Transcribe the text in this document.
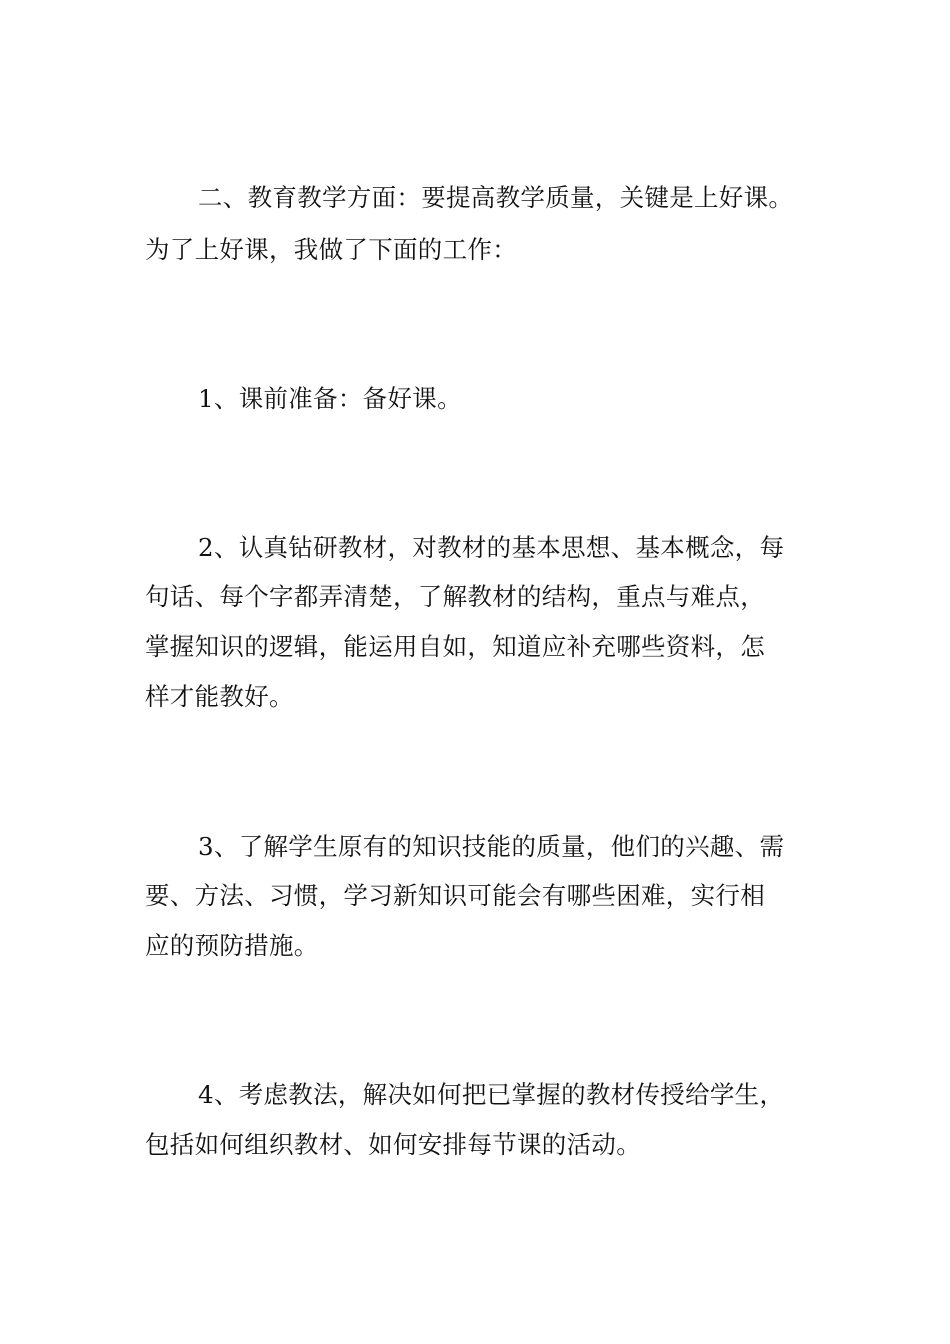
二、教育教学方面：要提高教学质量，关键是上好课。
为了上好课，我做了下面的工作：
1、课前准备：备好课。
2、认真钻研教材，对教材的基本思想、基本概念，每
句话、每个字都弄清楚，了解教材的结构，重点与难点，
掌握知识的逻辑，能运用自如，知道应补充哪些资料，怎
样才能教好。
3、了解学生原有的知识技能的质量，他们的兴趣、需
要、方法、习惯，学习新知识可能会有哪些困难，实行相
应的预防措施。
4、考虑教法，解决如何把已掌握的教材传授给学生，
包括如何组织教材、如何安排每节课的活动。
